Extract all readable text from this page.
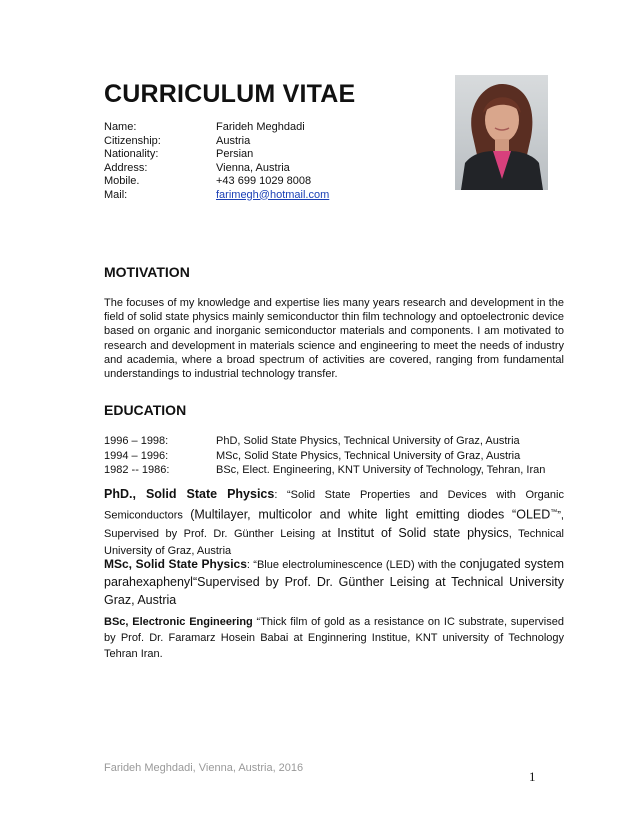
CURRICULUM VITAE
Name:	Farideh Meghdadi
Citizenship:	Austria
Nationality:	Persian
Address:	Vienna, Austria
Mobile.	+43 699 1029 8008
Mail:	farimegh@hotmail.com
MOTIVATION

The focuses of my knowledge and expertise lies many years research and development in the field of solid state physics mainly semiconductor thin film technology and optoelectronic device based on organic and inorganic semiconductor materials and components. I am motivated to research and development in materials science and engineering to meet the needs of industry and academia, where a broad spectrum of activities are covered, ranging from fundamental understandings to industrial technology transfer.

EDUCATION
1996 – 1998:	PhD, Solid State Physics, Technical University of Graz, Austria
1994 – 1996:	MSc, Solid State Physics, Technical University of Graz, Austria
1982 -- 1986:	BSc, Elect. Engineering, KNT University of Technology, Tehran, Iran

PhD., Solid State Physics: “Solid State Properties and Devices with Organic Semiconductors (Multilayer, multicolor and white light emitting diodes “OLED™”, Supervised by Prof. Dr. Günther Leising at Institut of Solid state physics, Technical University of Graz, Austria

MSc, Solid State Physics: “Blue electroluminescence (LED) with the conjugated system parahexaphenyl“Supervised by Prof. Dr. Günther Leising at Technical University Graz, Austria

BSc, Electronic Engineering “Thick film of gold as a resistance on IC substrate, supervised by Prof. Dr. Faramarz Hosein Babai at Enginnering Institue, KNT university of Technology Tehran Iran.

Farideh Meghdadi, Vienna, Austria, 2016

1
